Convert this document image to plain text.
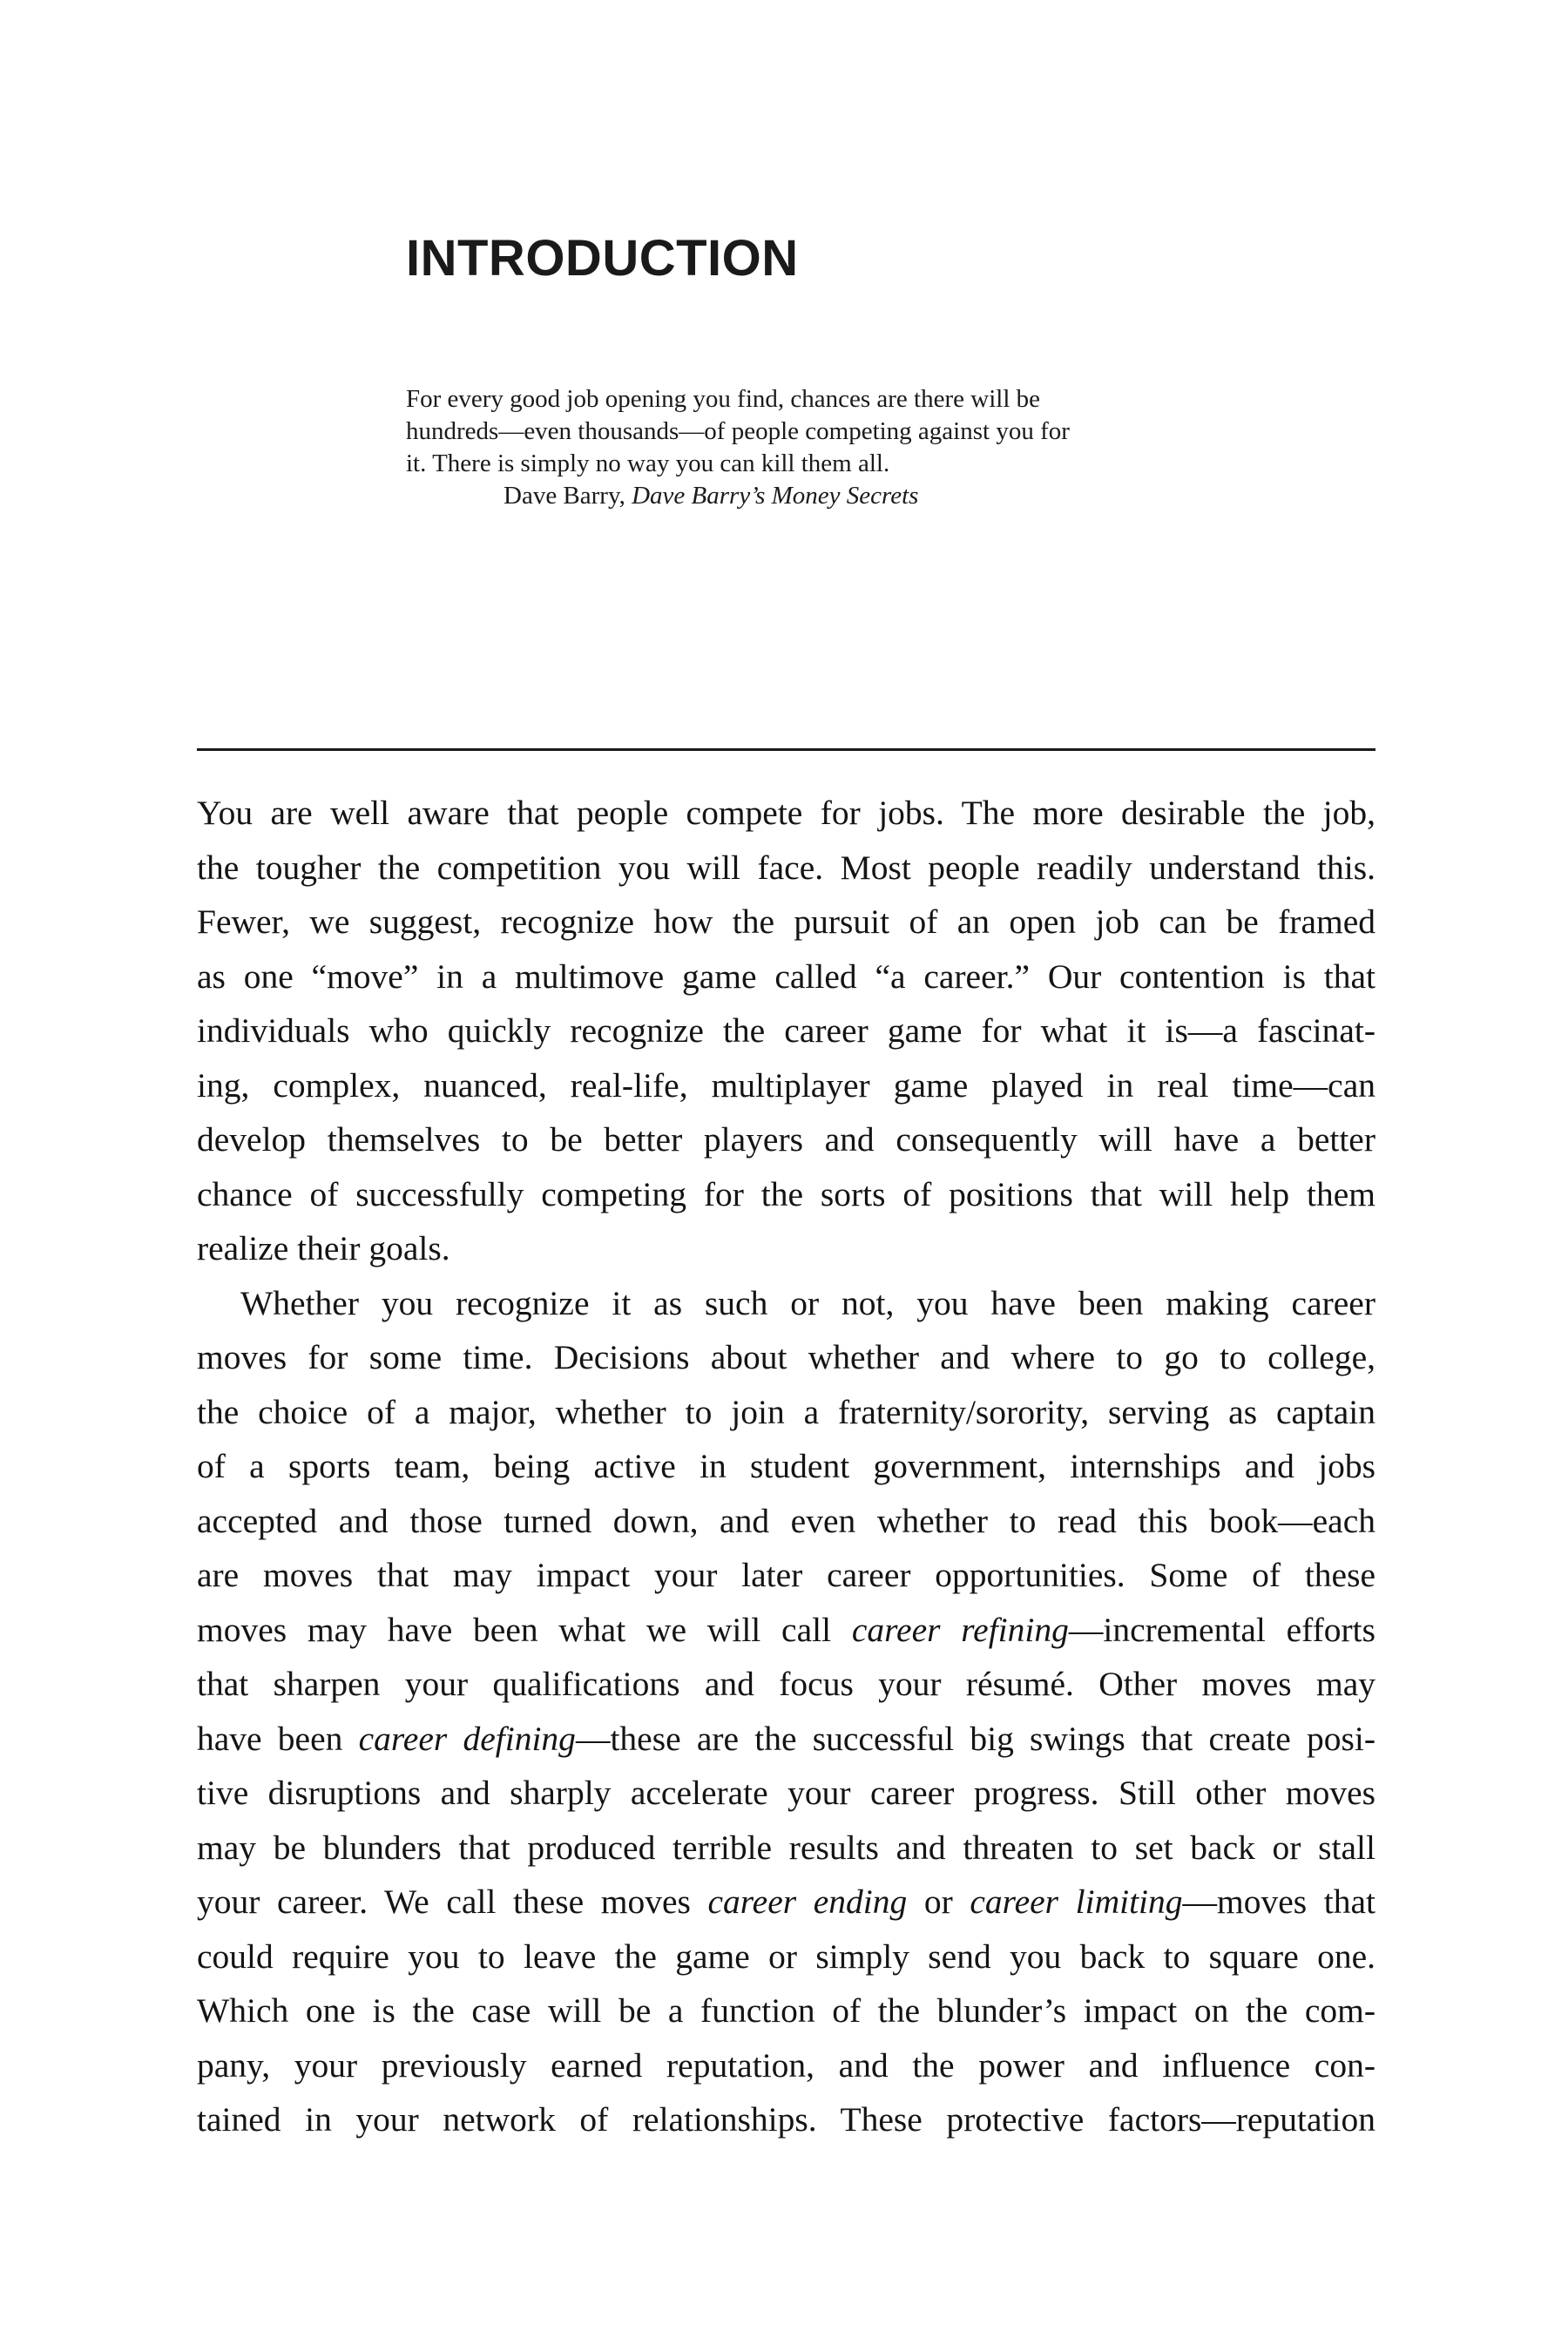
INTRODUCTION
For every good job opening you find, chances are there will be
hundreds—even thousands—of people competing against you for
it. There is simply no way you can kill them all.
Dave Barry, Dave Barry’s Money Secrets
You are well aware that people compete for jobs. The more desirable the job,
the tougher the competition you will face. Most people readily understand this.
Fewer, we suggest, recognize how the pursuit of an open job can be framed
as one “move” in a multimove game called “a career.” Our contention is that
individuals who quickly recognize the career game for what it is—a fascinat-
ing, complex, nuanced, real-life, multiplayer game played in real time—can
develop themselves to be better players and consequently will have a better
chance of successfully competing for the sorts of positions that will help them
realize their goals.
Whether you recognize it as such or not, you have been making career
moves for some time. Decisions about whether and where to go to college,
the choice of a major, whether to join a fraternity/sorority, serving as captain
of a sports team, being active in student government, internships and jobs
accepted and those turned down, and even whether to read this book—each
are moves that may impact your later career opportunities. Some of these
moves may have been what we will call career refining—incremental efforts
that sharpen your qualifications and focus your résumé. Other moves may
have been career defining—these are the successful big swings that create posi-
tive disruptions and sharply accelerate your career progress. Still other moves
may be blunders that produced terrible results and threaten to set back or stall
your career. We call these moves career ending or career limiting—moves that
could require you to leave the game or simply send you back to square one.
Which one is the case will be a function of the blunder’s impact on the com-
pany, your previously earned reputation, and the power and influence con-
tained in your network of relationships. These protective factors—reputation
